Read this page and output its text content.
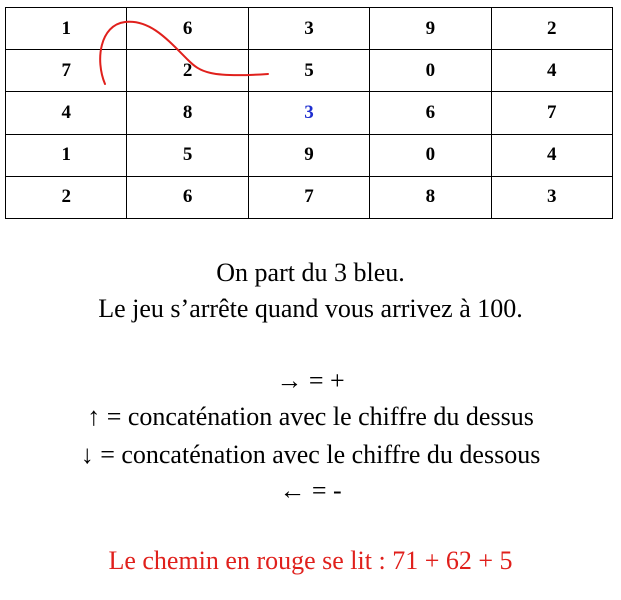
1	6	3	9	2
7	2	5	0	4
4	8	3	6	7
1	5	9	0	4
2	6	7	8	3
On part du 3 bleu.
Le jeu s’arrête quand vous arrivez à 100.
→ = +
↑ = concaténation avec le chiffre du dessus
↓ = concaténation avec le chiffre du dessous
← = -
Le chemin en rouge se lit : 71 + 62 + 5
